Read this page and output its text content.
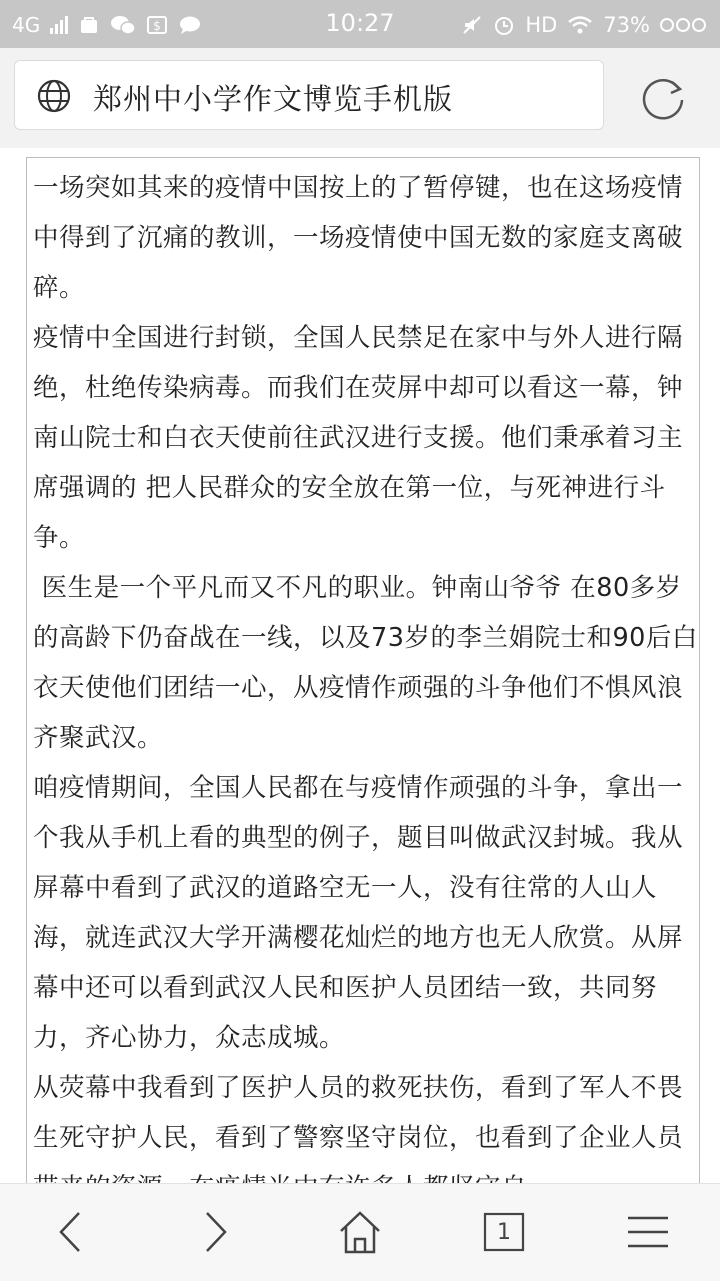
4G	$	10:27	HD 73%
郑州中小学作文博览手机版

一场突如其来的疫情中国按上的了暂停键，也在这场疫情中得到了沉痛的教训，一场疫情使中国无数的家庭支离破碎。

疫情中全国进行封锁，全国人民禁足在家中与外人进行隔绝，杜绝传染病毒。而我们在荧屏中却可以看这一幕，钟南山院士和白衣天使前往武汉进行支援。他们秉承着习主席强调的 把人民群众的安全放在第一位，与死神进行斗争。

医生是一个平凡而又不凡的职业。钟南山爷爷 在80多岁的高龄下仍奋战在一线，以及73岁的李兰娟院士和90后白衣天使他们团结一心，从疫情作顽强的斗争他们不惧风浪齐聚武汉。

咱疫情期间，全国人民都在与疫情作顽强的斗争，拿出一个我从手机上看的典型的例子，题目叫做武汉封城。我从屏幕中看到了武汉的道路空无一人，没有往常的人山人海，就连武汉大学开满樱花灿烂的地方也无人欣赏。从屏幕中还可以看到武汉人民和医护人员团结一致，共同努力，齐心协力，众志成城。

从荧幕中我看到了医护人员的救死扶伤，看到了军人不畏生死守护人民，看到了警察坚守岗位，也看到了企业人员

1
